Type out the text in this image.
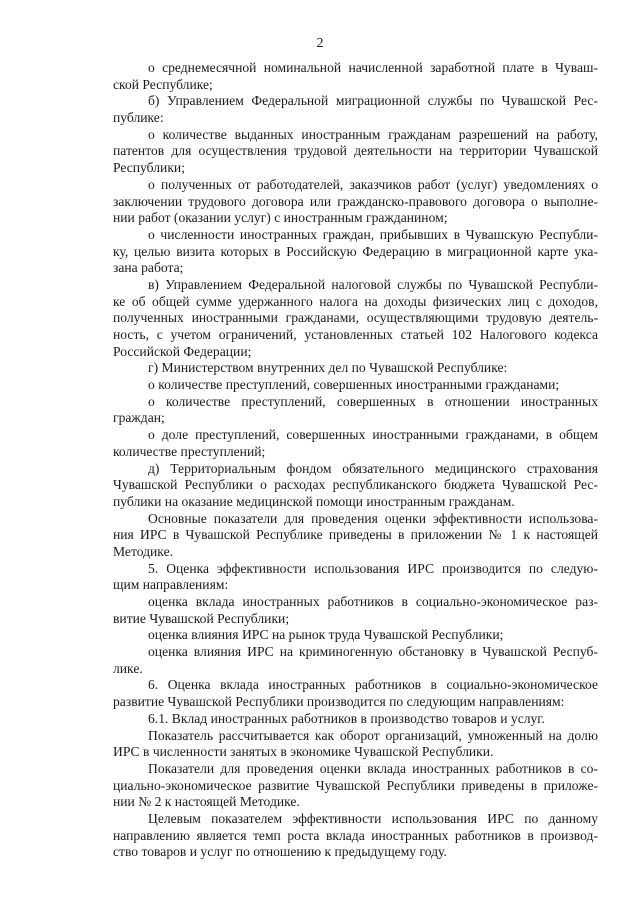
2
о среднемесячной номинальной начисленной заработной плате в Чуваш-
ской Республике;
б) Управлением Федеральной миграционной службы по Чувашской Рес-
публике:
о количестве выданных иностранным гражданам разрешений на работу,
патентов для осуществления трудовой деятельности на территории Чувашской
Республики;
о полученных от работодателей, заказчиков работ (услуг) уведомлениях о
заключении трудового договора или гражданско-правового договора о выполне-
нии работ (оказании услуг) с иностранным гражданином;
о численности иностранных граждан, прибывших в Чувашскую Республи-
ку, целью визита которых в Российскую Федерацию в миграционной карте ука-
зана работа;
в) Управлением Федеральной налоговой службы по Чувашской Республи-
ке об общей сумме удержанного налога на доходы физических лиц с доходов,
полученных иностранными гражданами, осуществляющими трудовую деятель-
ность, с учетом ограничений, установленных статьей 102 Налогового кодекса
Российской Федерации;
г) Министерством внутренних дел по Чувашской Республике:
о количестве преступлений, совершенных иностранными гражданами;
о количестве преступлений, совершенных в отношении иностранных
граждан;
о доле преступлений, совершенных иностранными гражданами, в общем
количестве преступлений;
д) Территориальным фондом обязательного медицинского страхования
Чувашской Республики о расходах республиканского бюджета Чувашской Рес-
публики на оказание медицинской помощи иностранным гражданам.
Основные показатели для проведения оценки эффективности использова-
ния ИРС в Чувашской Республике приведены в приложении № 1 к настоящей
Методике.
5. Оценка эффективности использования ИРС производится по следую-
щим направлениям:
оценка вклада иностранных работников в социально-экономическое раз-
витие Чувашской Республики;
оценка влияния ИРС на рынок труда Чувашской Республики;
оценка влияния ИРС на криминогенную обстановку в Чувашской Респуб-
лике.
6. Оценка вклада иностранных работников в социально-экономическое
развитие Чувашской Республики производится по следующим направлениям:
6.1. Вклад иностранных работников в производство товаров и услуг.
Показатель рассчитывается как оборот организаций, умноженный на долю
ИРС в численности занятых в экономике Чувашской Республики.
Показатели для проведения оценки вклада иностранных работников в со-
циально-экономическое развитие Чувашской Республики приведены в приложе-
нии № 2 к настоящей Методике.
Целевым показателем эффективности использования ИРС по данному
направлению является темп роста вклада иностранных работников в производ-
ство товаров и услуг по отношению к предыдущему году.
